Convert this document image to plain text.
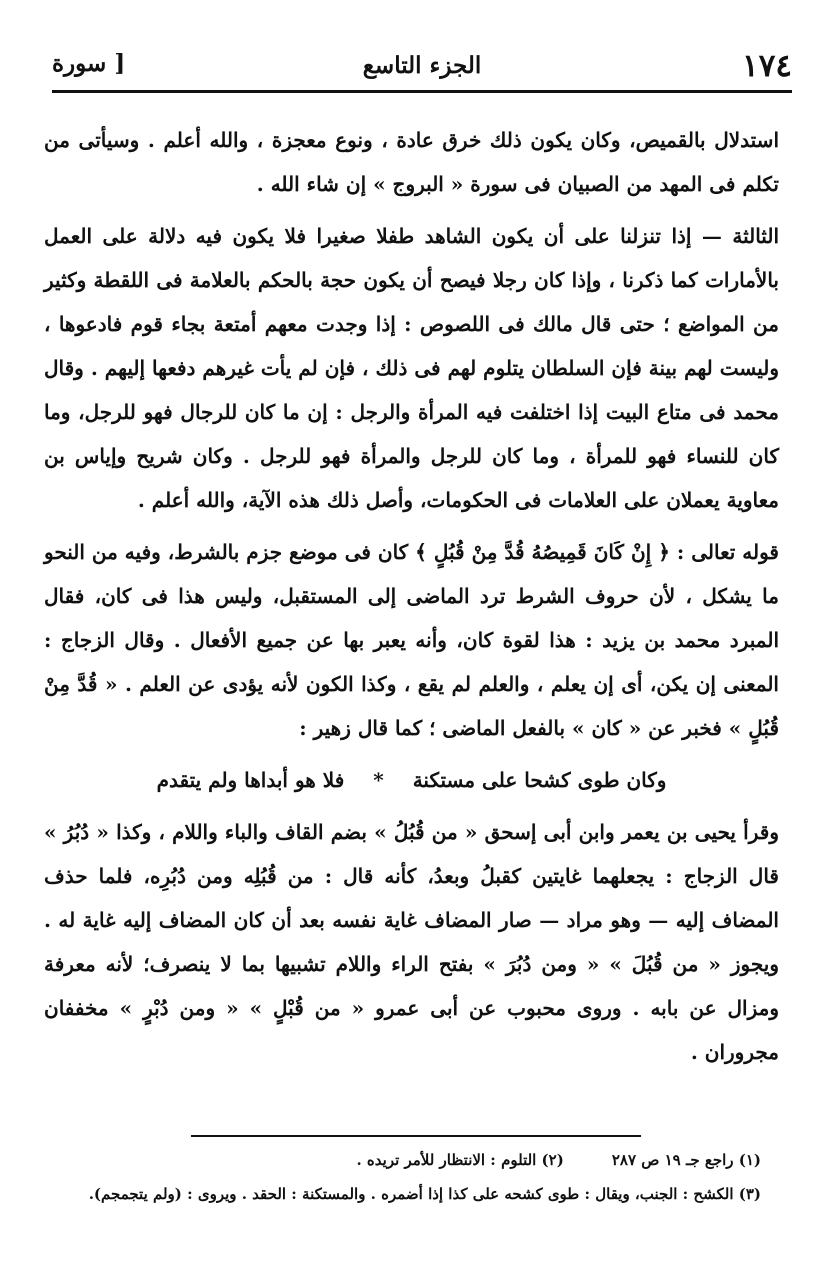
١٧٤
الجزء التاسع
[ سورة

استدلال بالقميص، وكان يكون ذلك خرق عادة ، ونوع معجزة ، والله أعلم . وسيأتى من تكلم فى المهد من الصبيان فى سورة « البروج » إن شاء الله .

الثالثة — إذا تنزلنا على أن يكون الشاهد طفلا صغيرا فلا يكون فيه دلالة على العمل بالأمارات كما ذكرنا ، وإذا كان رجلا فيصح أن يكون حجة بالحكم بالعلامة فى اللقطة وكثير من المواضع ؛ حتى قال مالك فى اللصوص : إذا وجدت معهم أمتعة بجاء قوم فادعوها ، وليست لهم بينة فإن السلطان يتلوم لهم فى ذلك ، فإن لم يأت غيرهم دفعها إليهم . وقال محمد فى متاع البيت إذا اختلفت فيه المرأة والرجل : إن ما كان للرجال فهو للرجل، وما كان للنساء فهو للمرأة ، وما كان للرجل والمرأة فهو للرجل . وكان شريح وإياس بن معاوية يعملان على العلامات فى الحكومات، وأصل ذلك هذه الآية، والله أعلم .

قوله تعالى : ﴿ إِنْ كَانَ قَمِيصُهُ قُدَّ مِنْ قُبُلٍ ﴾ كان فى موضع جزم بالشرط، وفيه من النحو ما يشكل ، لأن حروف الشرط ترد الماضى إلى المستقبل، وليس هذا فى كان، فقال المبرد محمد بن يزيد : هذا لقوة كان، وأنه يعبر بها عن جميع الأفعال . وقال الزجاج : المعنى إن يكن، أى إن يعلم ، والعلم لم يقع ، وكذا الكون لأنه يؤدى عن العلم . « قُدَّ مِنْ قُبُلٍ » فخبر عن « كان » بالفعل الماضى ؛ كما قال زهير :

وكان طوى كشحا على مستكنة * فلا هو أبداها ولم يتقدم

وقرأ يحيى بن يعمر وابن أبى إسحق « من قُبُلُ » بضم القاف والباء واللام ، وكذا « دُبُرُ » قال الزجاج : يجعلهما غايتين كقبلُ وبعدُ، كأنه قال : من قُبُلِه ومن دُبُرِه، فلما حذف المضاف إليه — وهو مراد — صار المضاف غاية نفسه بعد أن كان المضاف إليه غاية له . ويجوز « من قُبُلَ » « ومن دُبُرَ » بفتح الراء واللام تشبيها بما لا ينصرف؛ لأنه معرفة ومزال عن بابه . وروى محبوب عن أبى عمرو « من قُبْلٍ » « ومن دُبْرٍ » مخففان مجروران .

(١) راجع جـ ١٩ ص ٢٨٧(٢) التلوم : الانتظار للأمر تريده .
(٣) الكشح : الجنب، ويقال : طوى كشحه على كذا إذا أضمره . والمستكنة : الحقد . ويروى : (ولم يتجمجم).
